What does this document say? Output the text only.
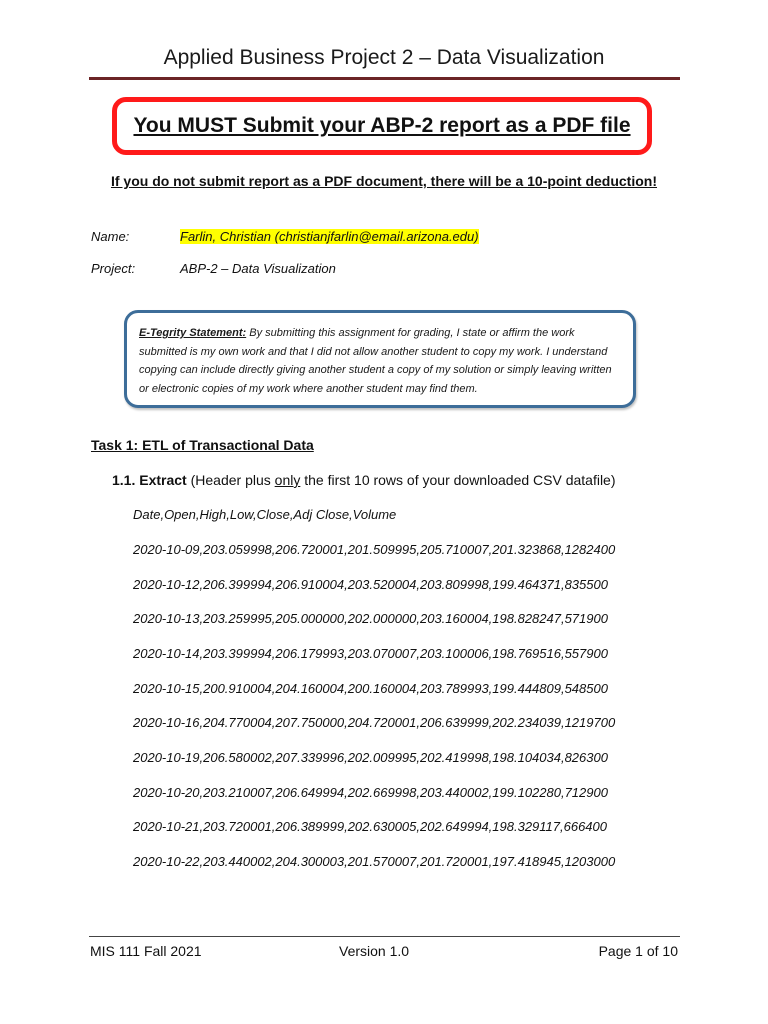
Applied Business Project 2 – Data Visualization
You MUST Submit your ABP-2 report as a PDF file
If you do not submit report as a PDF document, there will be a 10-point deduction!
Name:	Farlin, Christian (christianjfarlin@email.arizona.edu)
Project:	ABP-2 – Data Visualization
E-Tegrity Statement: By submitting this assignment for grading, I state or affirm the work submitted is my own work and that I did not allow another student to copy my work. I understand copying can include directly giving another student a copy of my solution or simply leaving written or electronic copies of my work where another student may find them.
Task 1: ETL of Transactional Data
1.1. Extract (Header plus only the first 10 rows of your downloaded CSV datafile)
Date,Open,High,Low,Close,Adj Close,Volume
2020-10-09,203.059998,206.720001,201.509995,205.710007,201.323868,1282400
2020-10-12,206.399994,206.910004,203.520004,203.809998,199.464371,835500
2020-10-13,203.259995,205.000000,202.000000,203.160004,198.828247,571900
2020-10-14,203.399994,206.179993,203.070007,203.100006,198.769516,557900
2020-10-15,200.910004,204.160004,200.160004,203.789993,199.444809,548500
2020-10-16,204.770004,207.750000,204.720001,206.639999,202.234039,1219700
2020-10-19,206.580002,207.339996,202.009995,202.419998,198.104034,826300
2020-10-20,203.210007,206.649994,202.669998,203.440002,199.102280,712900
2020-10-21,203.720001,206.389999,202.630005,202.649994,198.329117,666400
2020-10-22,203.440002,204.300003,201.570007,201.720001,197.418945,1203000
MIS 111 Fall 2021	Version 1.0	Page 1 of 10
